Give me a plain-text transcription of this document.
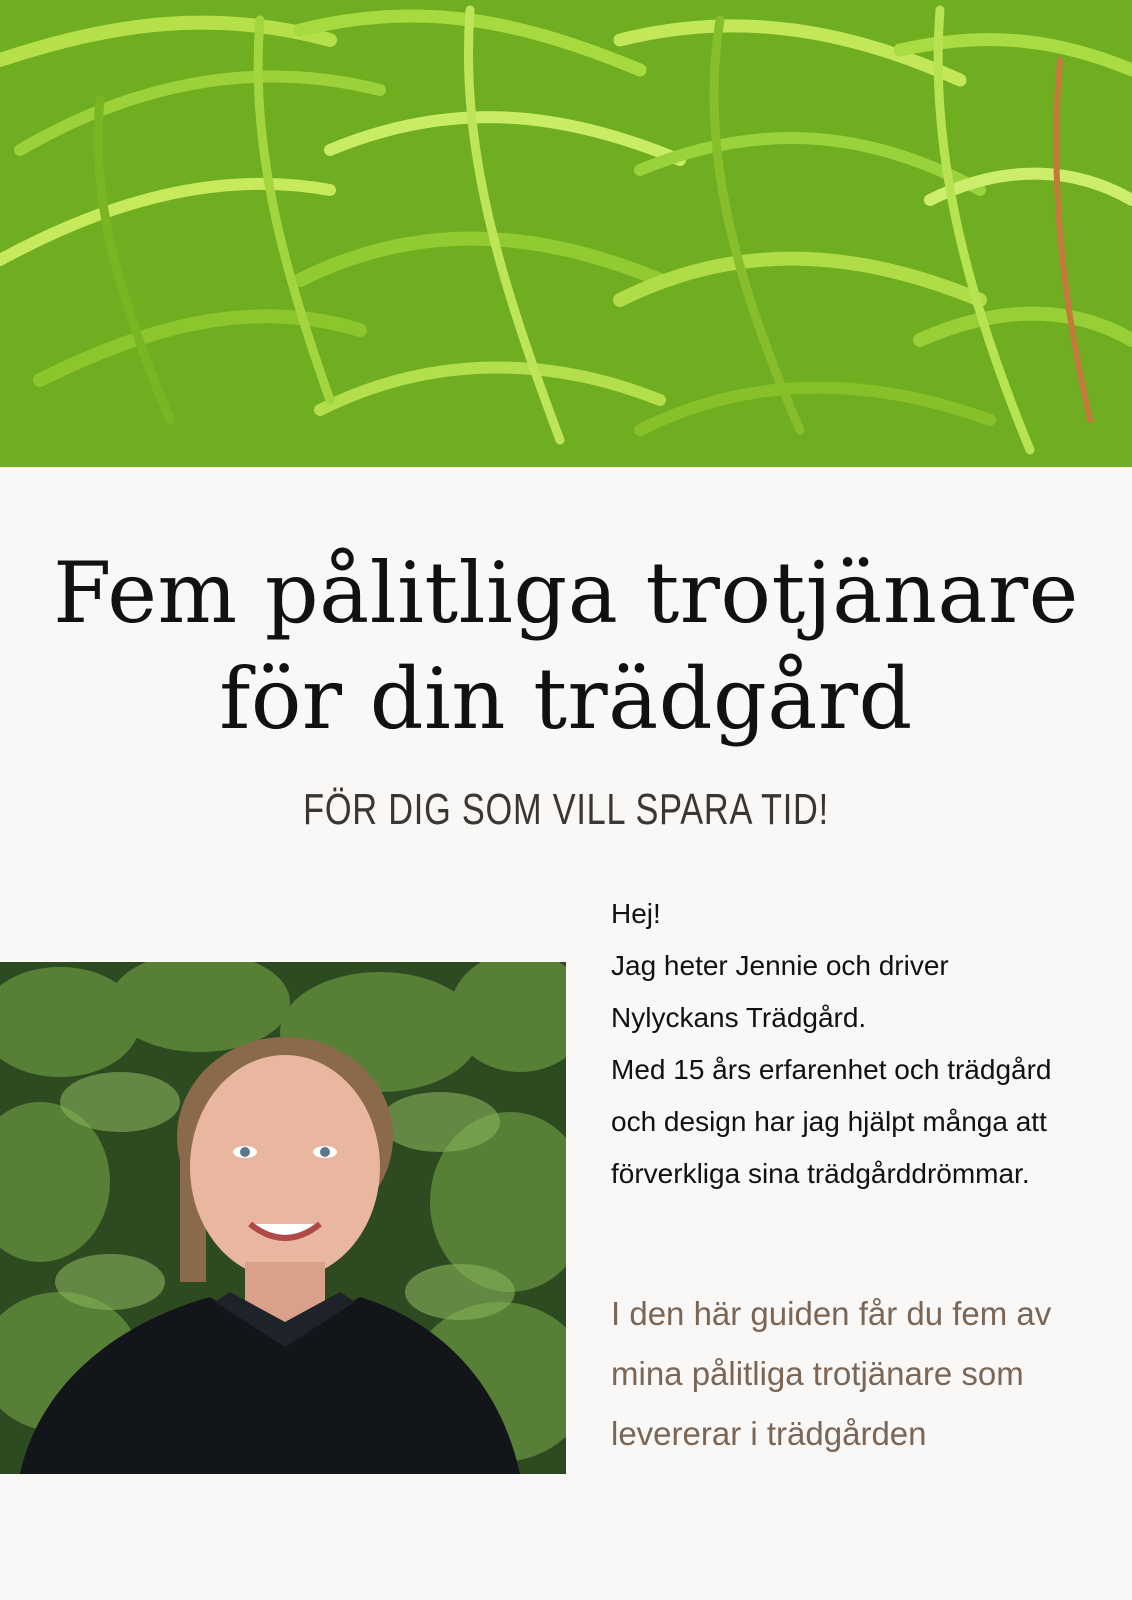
Fem pålitliga trotjänare
för din trädgård
FÖR DIG SOM VILL SPARA TID!
Hej!
Jag heter Jennie och driver
Nylyckans Trädgård.
Med 15 års erfarenhet och trädgård
och design har jag hjälpt många att
förverkliga sina trädgårddrömmar.
I den här guiden får du fem av
mina pålitliga trotjänare som
levererar i trädgården
